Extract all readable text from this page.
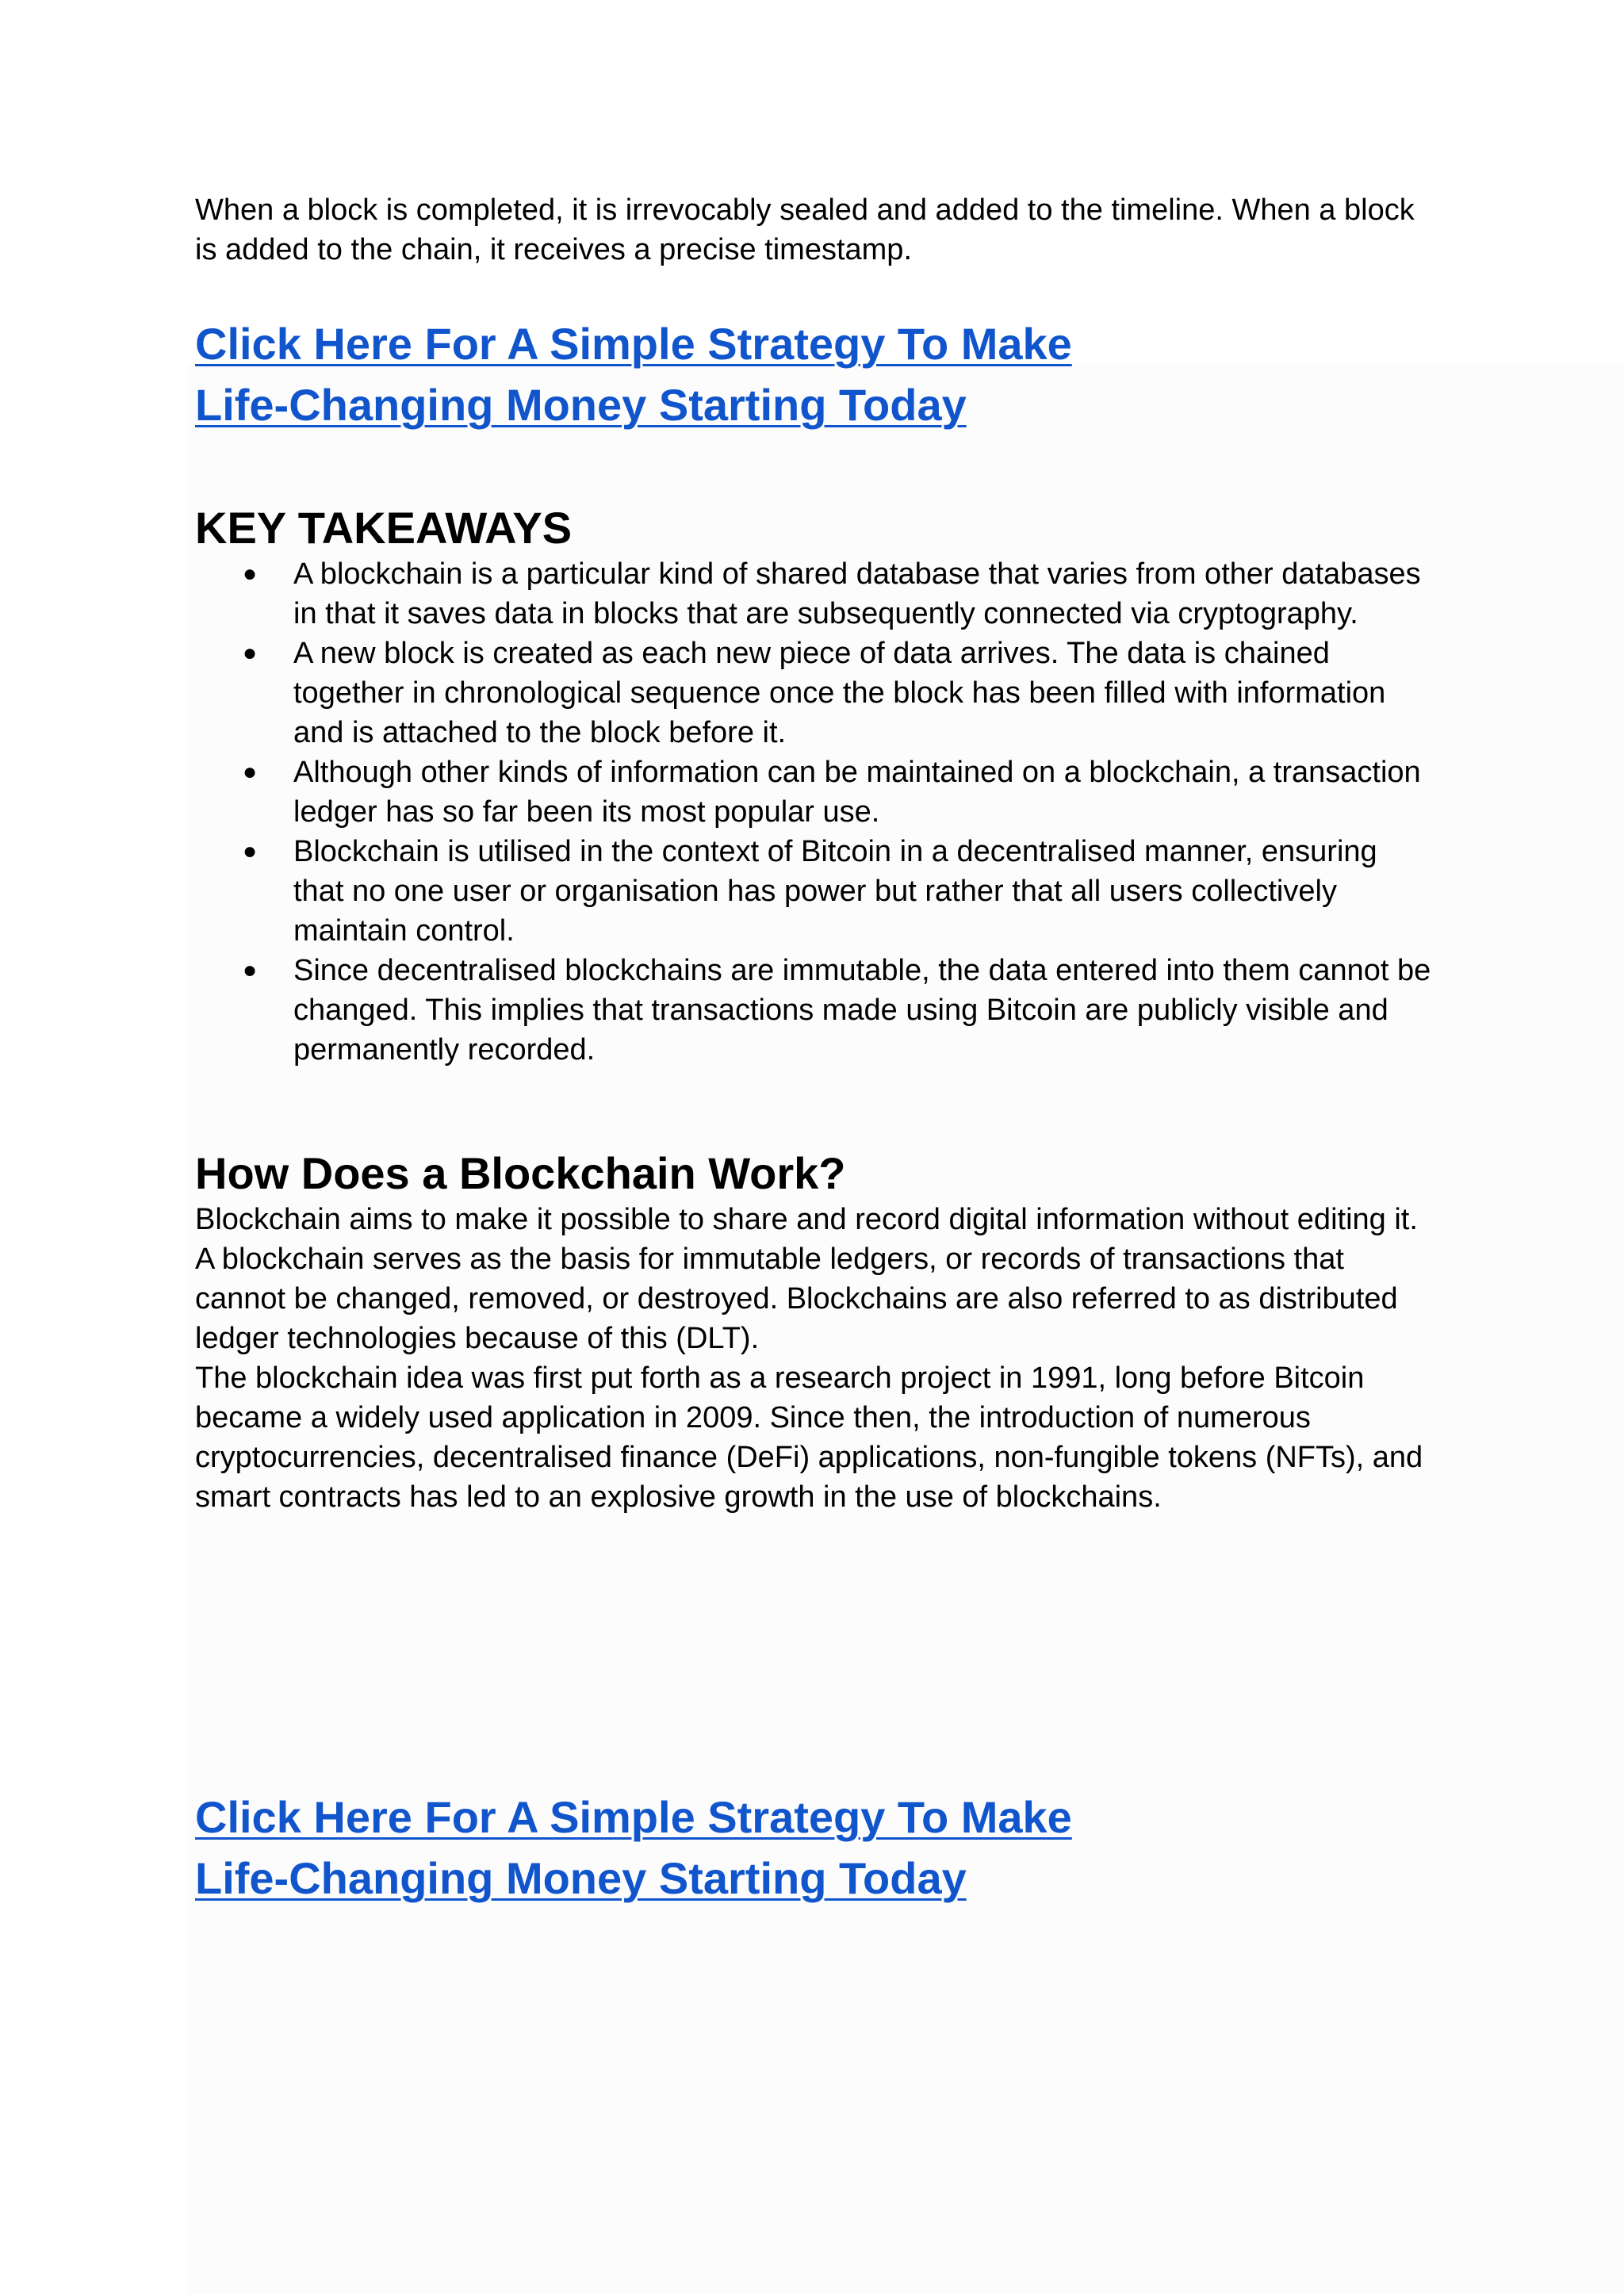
When a block is completed, it is irrevocably sealed and added to the timeline. When a block is added to the chain, it receives a precise timestamp.

Click Here For A Simple Strategy To Make Life-Changing Money Starting Today
KEY TAKEAWAYS
● A blockchain is a particular kind of shared database that varies from other databases in that it saves data in blocks that are subsequently connected via cryptography.
● A new block is created as each new piece of data arrives. The data is chained together in chronological sequence once the block has been filled with information and is attached to the block before it.
● Although other kinds of information can be maintained on a blockchain, a transaction ledger has so far been its most popular use.
● Blockchain is utilised in the context of Bitcoin in a decentralised manner, ensuring that no one user or organisation has power but rather that all users collectively maintain control.
● Since decentralised blockchains are immutable, the data entered into them cannot be changed. This implies that transactions made using Bitcoin are publicly visible and permanently recorded.
How Does a Blockchain Work?

Blockchain aims to make it possible to share and record digital information without editing it. A blockchain serves as the basis for immutable ledgers, or records of transactions that cannot be changed, removed, or destroyed. Blockchains are also referred to as distributed ledger technologies because of this (DLT).

The blockchain idea was first put forth as a research project in 1991, long before Bitcoin became a widely used application in 2009. Since then, the introduction of numerous cryptocurrencies, decentralised finance (DeFi) applications, non-fungible tokens (NFTs), and smart contracts has led to an explosive growth in the use of blockchains.

Click Here For A Simple Strategy To Make Life-Changing Money Starting Today
